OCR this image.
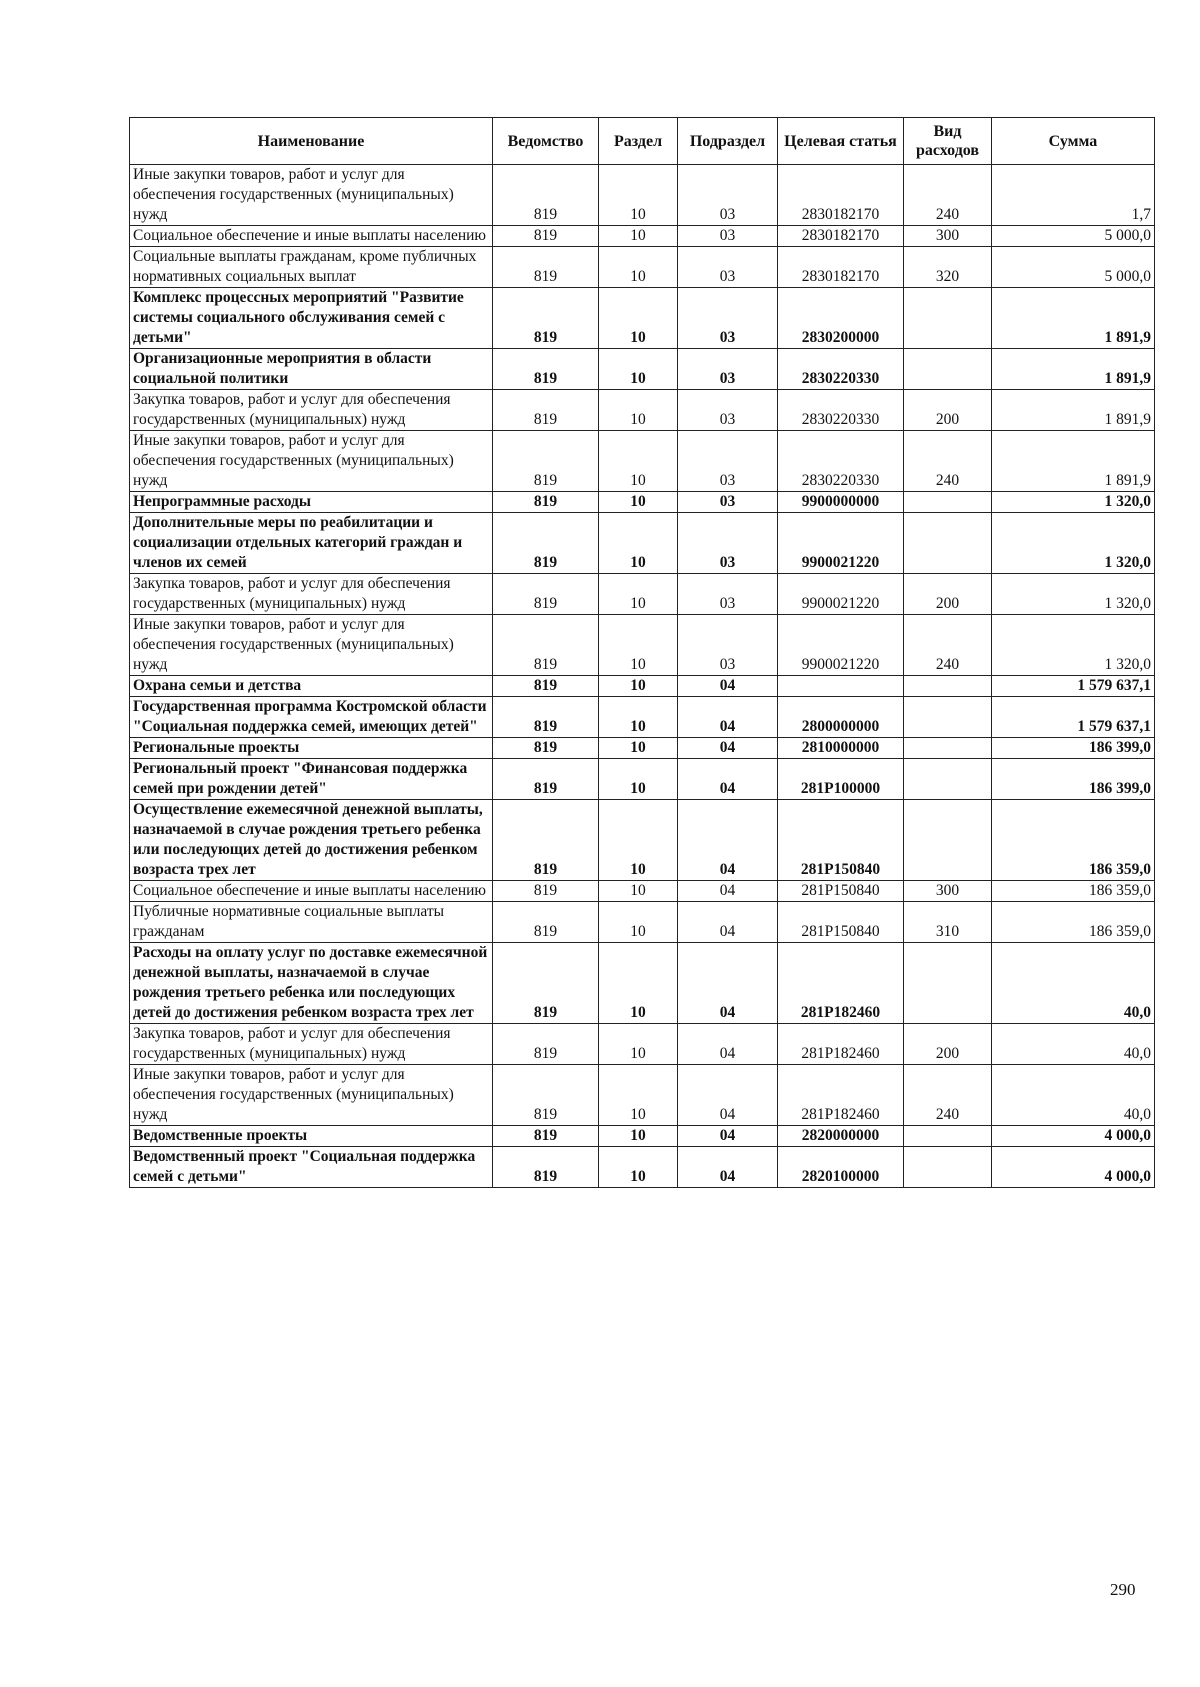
Наименование	Ведомство	Раздел	Подраздел	Целевая статья	Вид расходов	Сумма
Иные закупки товаров, работ и услуг для обеспечения государственных (муниципальных) нужд	819	10	03	2830182170	240	1,7
Социальное обеспечение и иные выплаты населению	819	10	03	2830182170	300	5 000,0
Социальные выплаты гражданам, кроме публичных нормативных социальных выплат	819	10	03	2830182170	320	5 000,0
Комплекс процессных мероприятий "Развитие системы социального обслуживания семей с детьми"	819	10	03	2830200000		1 891,9
Организационные мероприятия в области социальной политики	819	10	03	2830220330		1 891,9
Закупка товаров, работ и услуг для обеспечения государственных (муниципальных) нужд	819	10	03	2830220330	200	1 891,9
Иные закупки товаров, работ и услуг для обеспечения государственных (муниципальных) нужд	819	10	03	2830220330	240	1 891,9
Непрограммные расходы	819	10	03	9900000000		1 320,0
Дополнительные меры по реабилитации и социализации отдельных категорий граждан и членов их семей	819	10	03	9900021220		1 320,0
Закупка товаров, работ и услуг для обеспечения государственных (муниципальных) нужд	819	10	03	9900021220	200	1 320,0
Иные закупки товаров, работ и услуг для обеспечения государственных (муниципальных) нужд	819	10	03	9900021220	240	1 320,0
Охрана семьи и детства	819	10	04			1 579 637,1
Государственная программа Костромской области "Социальная поддержка семей, имеющих детей"	819	10	04	2800000000		1 579 637,1
Региональные проекты	819	10	04	2810000000		186 399,0
Региональный проект "Финансовая поддержка семей при рождении детей"	819	10	04	281Р100000		186 399,0
Осуществление ежемесячной денежной выплаты, назначаемой в случае рождения третьего ребенка или последующих детей до достижения ребенком возраста трех лет	819	10	04	281Р150840		186 359,0
Социальное обеспечение и иные выплаты населению	819	10	04	281Р150840	300	186 359,0
Публичные нормативные социальные выплаты гражданам	819	10	04	281Р150840	310	186 359,0
Расходы на оплату услуг по доставке ежемесячной денежной выплаты, назначаемой в случае рождения третьего ребенка или последующих детей до достижения ребенком возраста трех лет	819	10	04	281Р182460		40,0
Закупка товаров, работ и услуг для обеспечения государственных (муниципальных) нужд	819	10	04	281Р182460	200	40,0
Иные закупки товаров, работ и услуг для обеспечения государственных (муниципальных) нужд	819	10	04	281Р182460	240	40,0
Ведомственные проекты	819	10	04	2820000000		4 000,0
Ведомственный проект "Социальная поддержка семей с детьми"	819	10	04	2820100000		4 000,0
290
